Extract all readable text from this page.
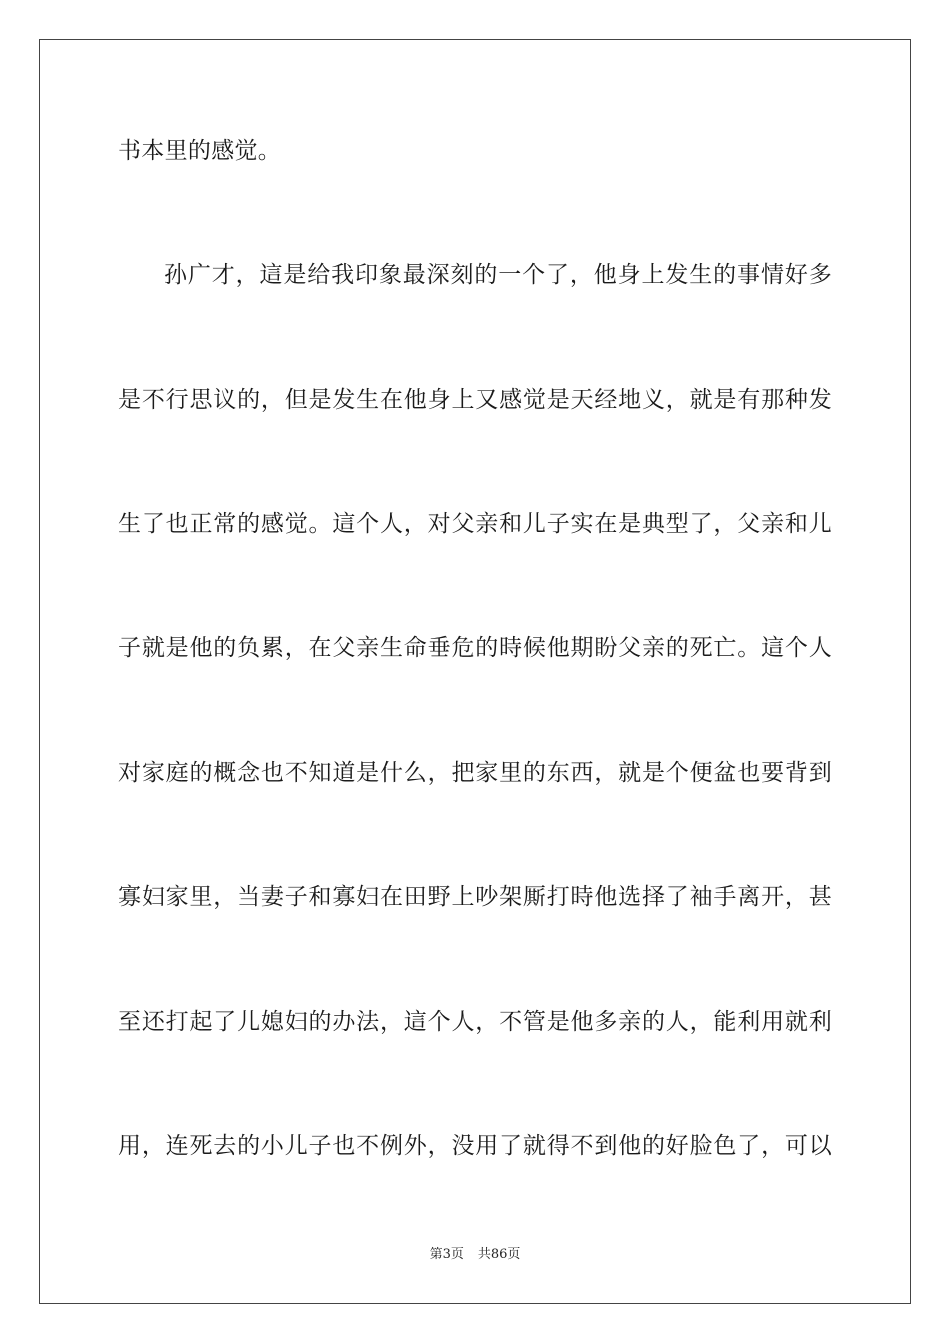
书本里的感觉。
孙广才，這是给我印象最深刻的一个了，他身上发生的事情好多
是不行思议的，但是发生在他身上又感觉是天经地义，就是有那种发
生了也正常的感觉。這个人，对父亲和儿子实在是典型了，父亲和儿
子就是他的负累，在父亲生命垂危的時候他期盼父亲的死亡。這个人
对家庭的概念也不知道是什么，把家里的东西，就是个便盆也要背到
寡妇家里，当妻子和寡妇在田野上吵架厮打時他选择了袖手离开，甚
至还打起了儿媳妇的办法，這个人，不管是他多亲的人，能利用就利
用，连死去的小儿子也不例外，没用了就得不到他的好脸色了，可以
第3页 共86页
